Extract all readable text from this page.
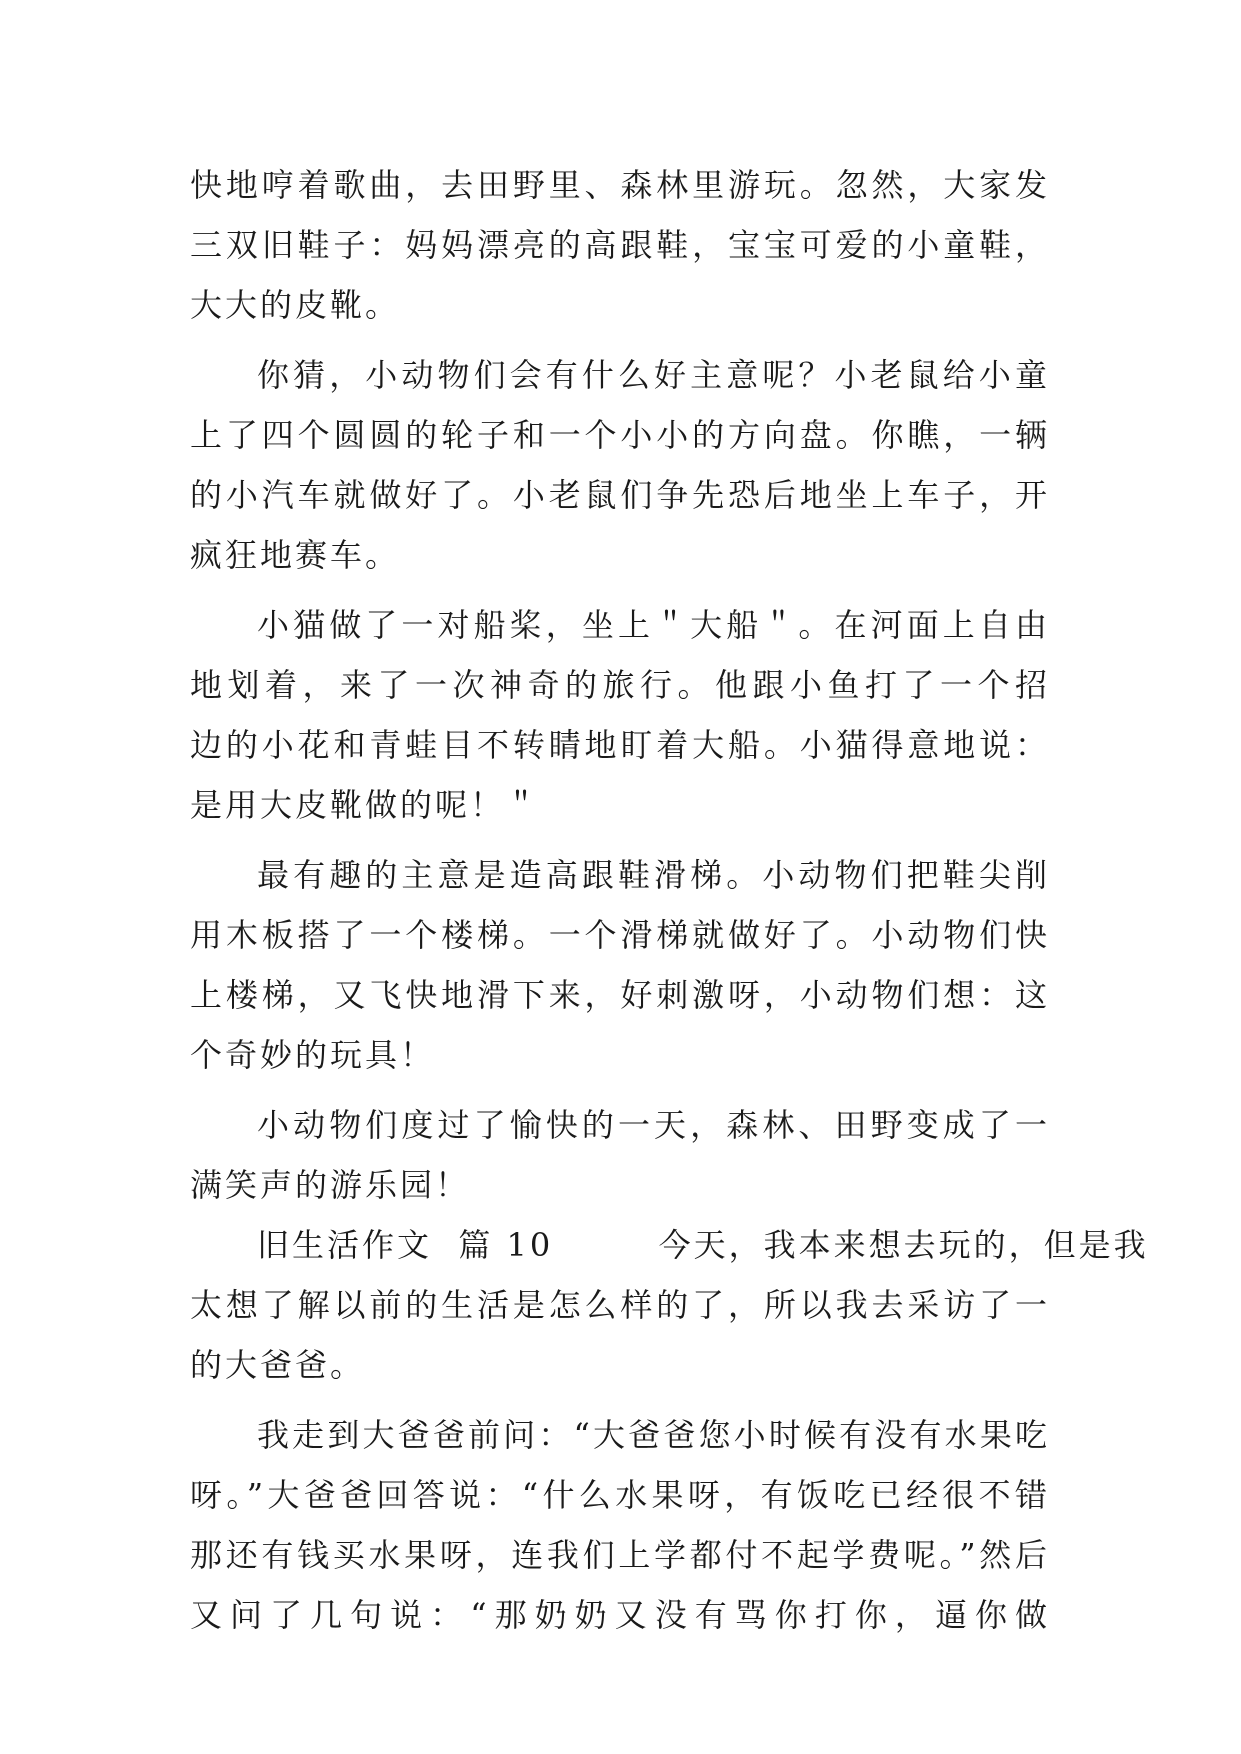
快地哼着歌曲，去田野里、森林里游玩。忽然，大家发
三双旧鞋子：妈妈漂亮的高跟鞋，宝宝可爱的小童鞋，
大大的皮靴。
你猜，小动物们会有什么好主意呢？小老鼠给小童
上了四个圆圆的轮子和一个小小的方向盘。你瞧，一辆
的小汽车就做好了。小老鼠们争先恐后地坐上车子，开
疯狂地赛车。
小猫做了一对船桨，坐上＂大船＂。在河面上自由
地划着，来了一次神奇的旅行。他跟小鱼打了一个招
边的小花和青蛙目不转睛地盯着大船。小猫得意地说：
是用大皮靴做的呢！＂
最有趣的主意是造高跟鞋滑梯。小动物们把鞋尖削
用木板搭了一个楼梯。一个滑梯就做好了。小动物们快
上楼梯，又飞快地滑下来，好刺激呀，小动物们想：这
个奇妙的玩具！
小动物们度过了愉快的一天，森林、田野变成了一
满笑声的游乐园！
旧生活作文  篇 10        今天，我本来想去玩的，但是我
太想了解以前的生活是怎么样的了，所以我去采访了一
的大爸爸。
我走到大爸爸前问：“大爸爸您小时候有没有水果吃
呀。”大爸爸回答说：“什么水果呀，有饭吃已经很不错
那还有钱买水果呀，连我们上学都付不起学费呢。”然后
又问了几句说：“那奶奶又没有骂你打你，逼你做
